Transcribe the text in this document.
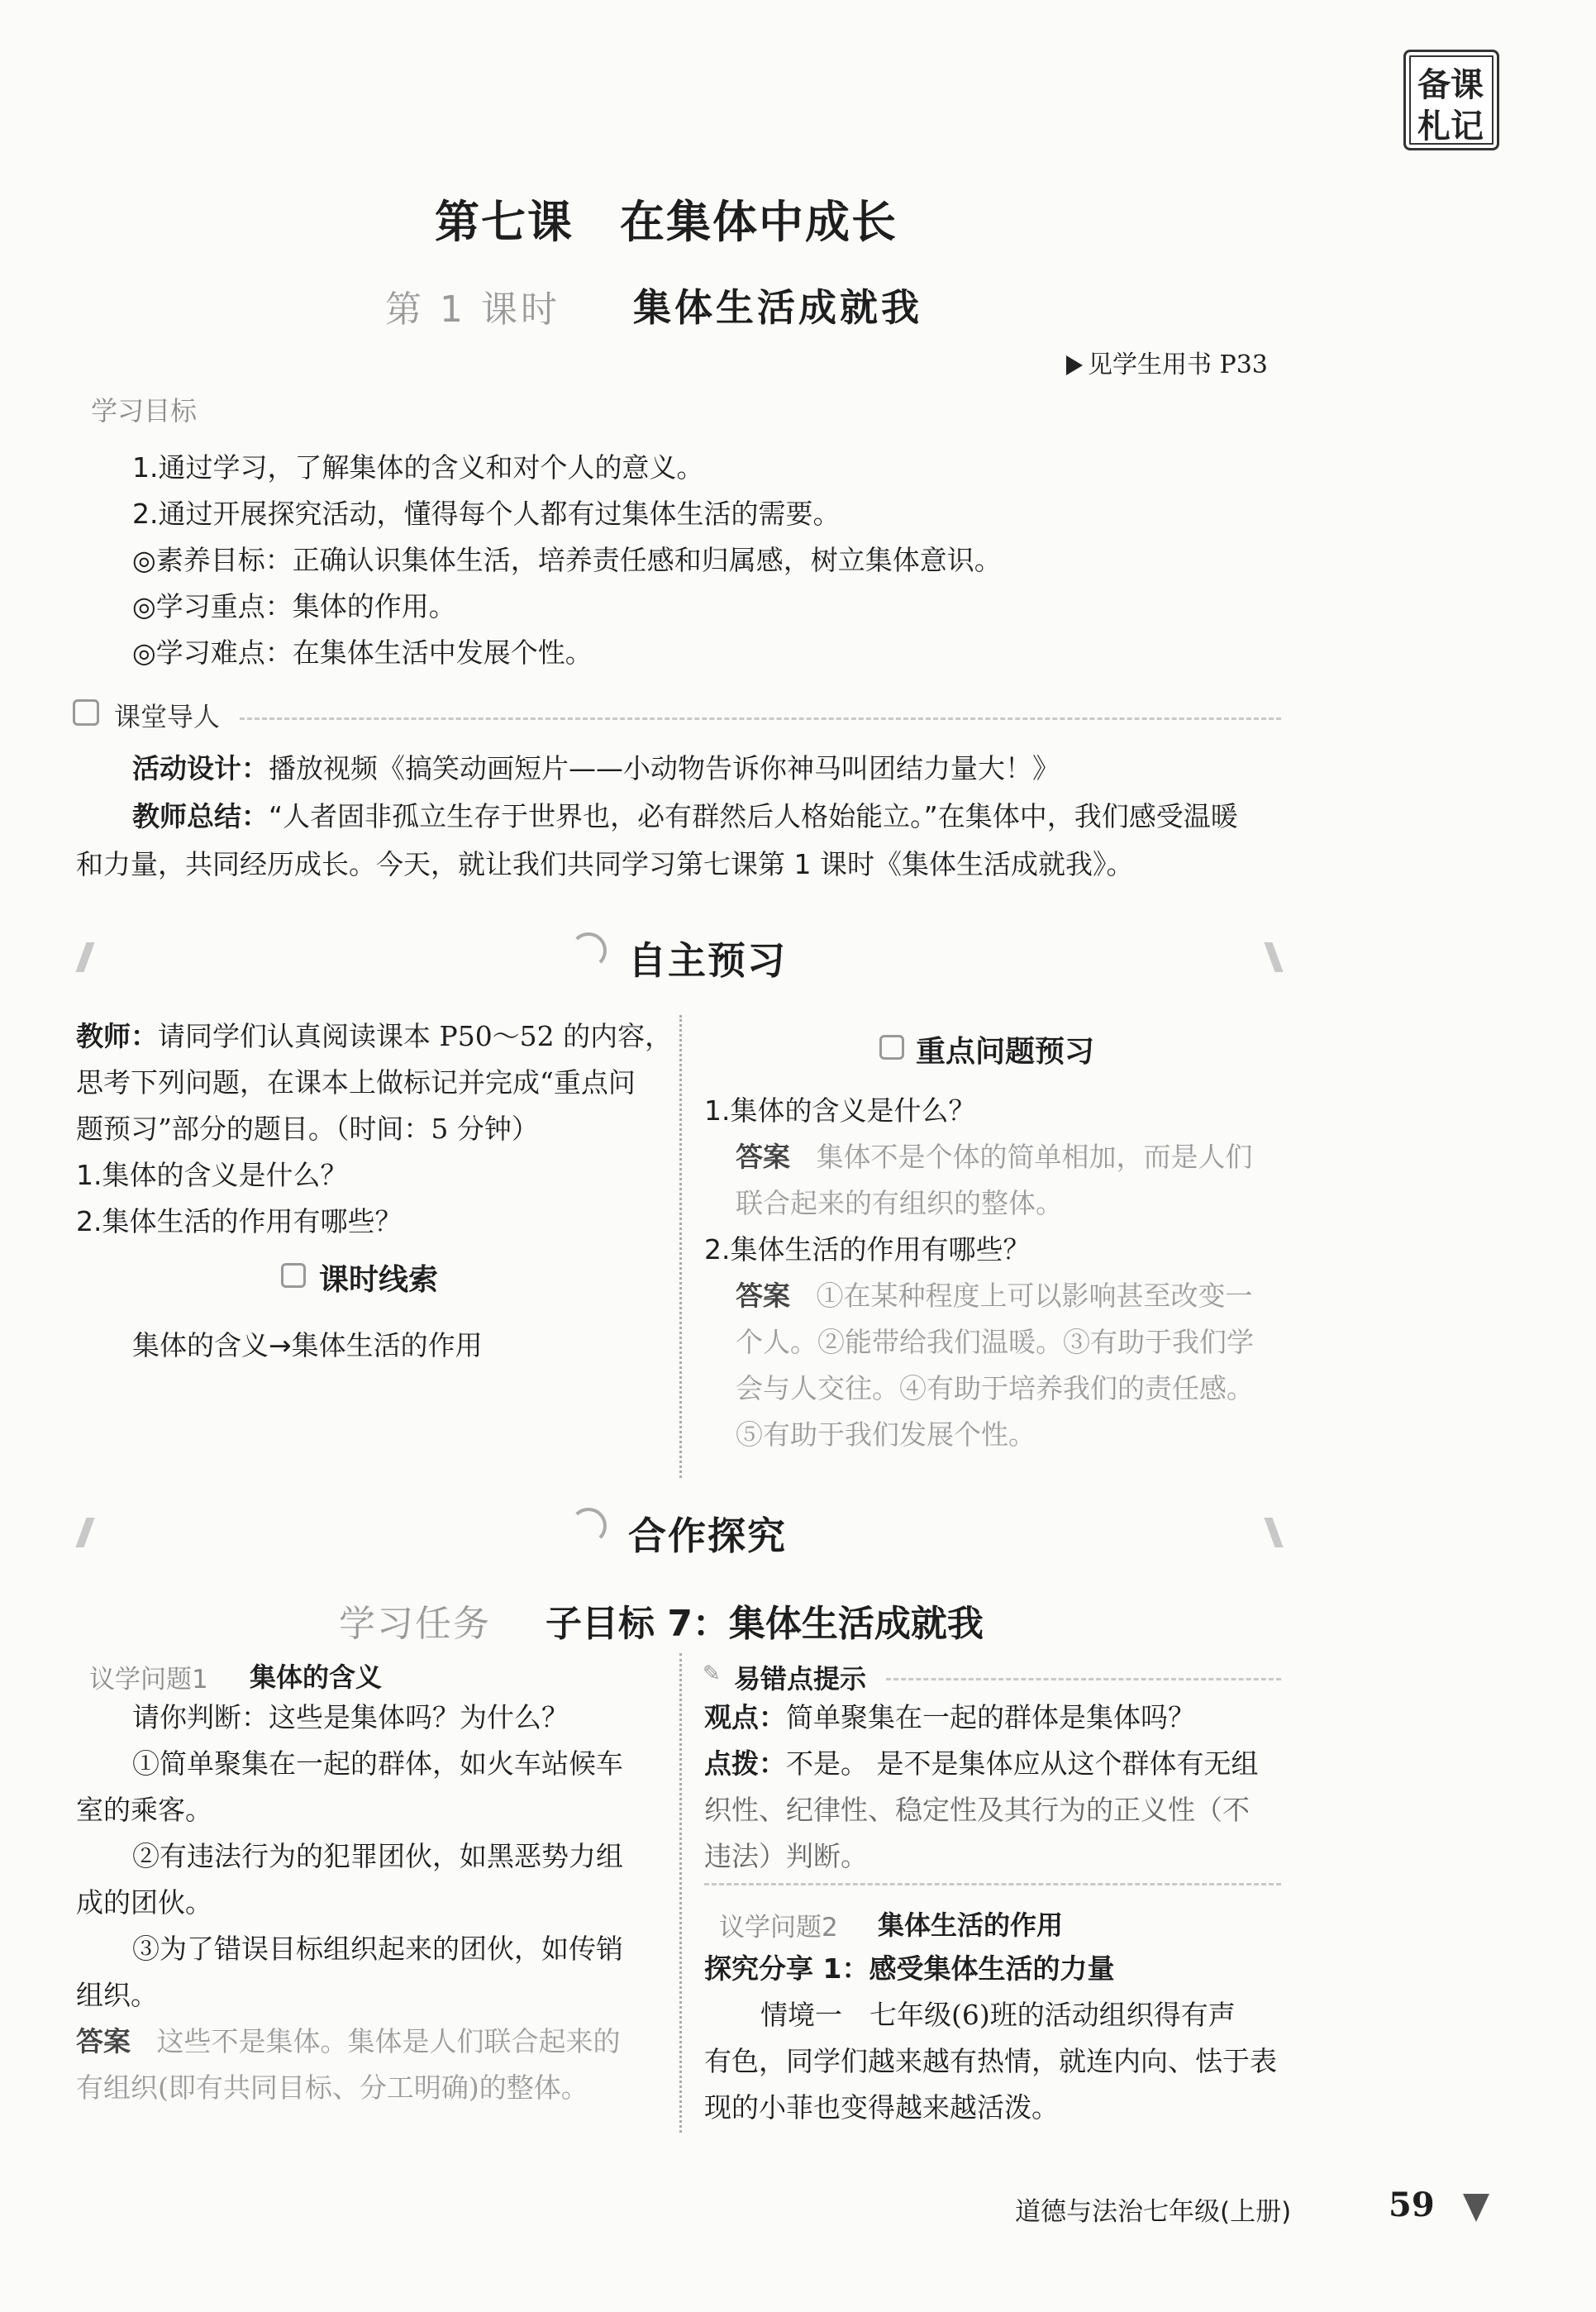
备课
札记
第七课　在集体中成长
第 1 课时 集体生活成就我
见学生用书 P33
学习目标
1.通过学习，了解集体的含义和对个人的意义。
2.通过开展探究活动，懂得每个人都有过集体生活的需要。
◎素养目标：正确认识集体生活，培养责任感和归属感，树立集体意识。
◎学习重点：集体的作用。
◎学习难点：在集体生活中发展个性。
课堂导人
活动设计：播放视频《搞笑动画短片——小动物告诉你神马叫团结力量大！》
教师总结：“人者固非孤立生存于世界也，必有群然后人格始能立。”在集体中，我们感受温暖
和力量，共同经历成长。今天，就让我们共同学习第七课第 1 课时《集体生活成就我》。
自主预习
教师：请同学们认真阅读课本 P50～52 的内容，
思考下列问题，在课本上做标记并完成“重点问
题预习”部分的题目。（时间：5 分钟）
1.集体的含义是什么？
2.集体生活的作用有哪些？
课时线索
集体的含义→集体生活的作用
重点问题预习
1.集体的含义是什么？
答案 集体不是个体的简单相加，而是人们
联合起来的有组织的整体。
2.集体生活的作用有哪些？
答案 ①在某种程度上可以影响甚至改变一
个人。②能带给我们温暖。③有助于我们学
会与人交往。④有助于培养我们的责任感。
⑤有助于我们发展个性。
合作探究
学习任务 子目标 7：集体生活成就我
议学问题1 集体的含义
请你判断：这些是集体吗？为什么？
①简单聚集在一起的群体，如火车站候车
室的乘客。
②有违法行为的犯罪团伙，如黑恶势力组
成的团伙。
③为了错误目标组织起来的团伙，如传销
组织。
答案 这些不是集体。集体是人们联合起来的
有组织(即有共同目标、分工明确)的整体。
✎ 易错点提示
观点：简单聚集在一起的群体是集体吗？
点拨：不是。 是不是集体应从这个群体有无组
织性、纪律性、稳定性及其行为的正义性（不
违法）判断。
议学问题2 集体生活的作用
探究分享 1：感受集体生活的力量
情境一　七年级(6)班的活动组织得有声
有色，同学们越来越有热情，就连内向、怯于表
现的小菲也变得越来越活泼。
道德与法治七年级(上册)	59
